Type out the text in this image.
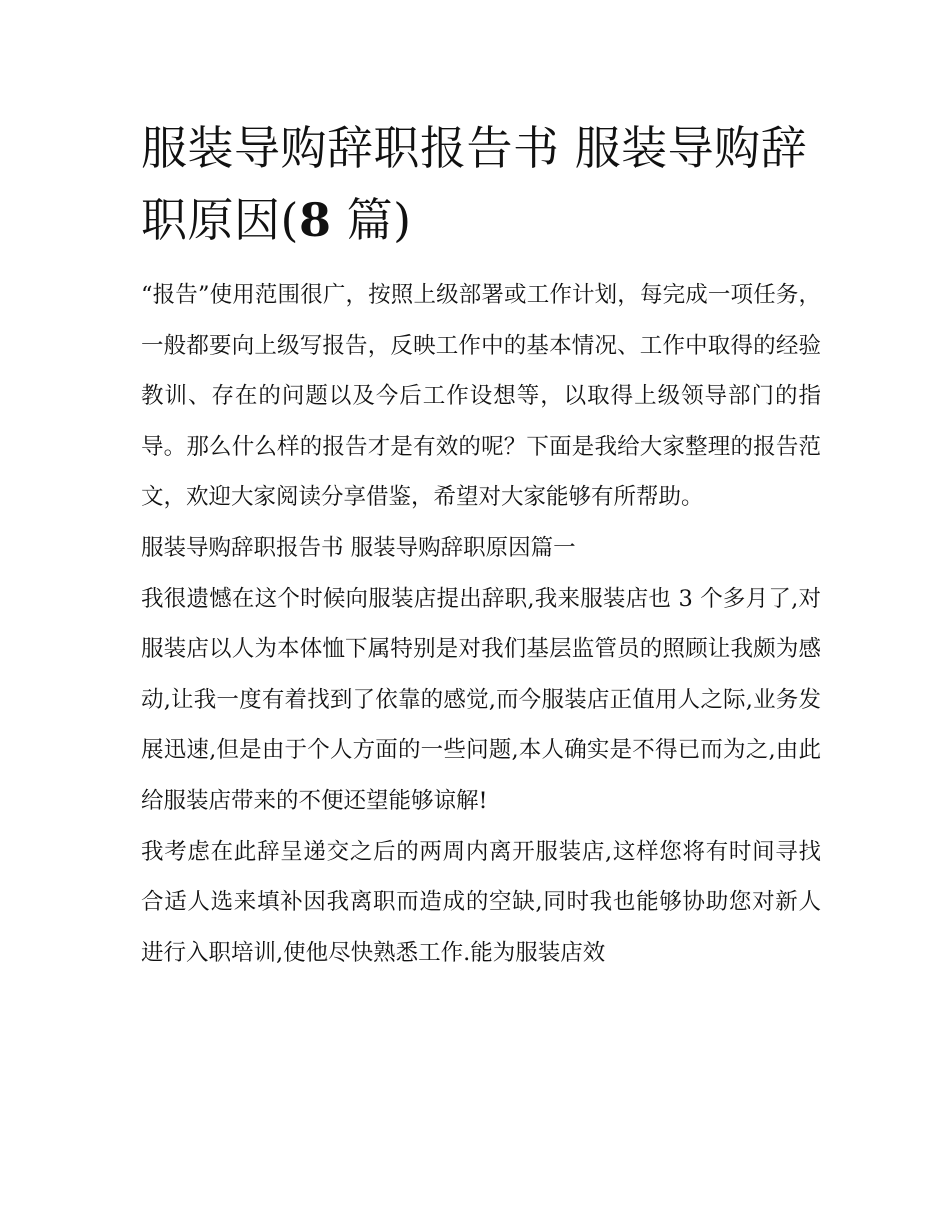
服装导购辞职报告书 服装导购辞职原因(8 篇)

“报告”使用范围很广，按照上级部署或工作计划，每完成一项任务，一般都要向上级写报告，反映工作中的基本情况、工作中取得的经验教训、存在的问题以及今后工作设想等，以取得上级领导部门的指导。那么什么样的报告才是有效的呢？下面是我给大家整理的报告范文，欢迎大家阅读分享借鉴，希望对大家能够有所帮助。

服装导购辞职报告书 服装导购辞职原因篇一

我很遗憾在这个时候向服装店提出辞职,我来服装店也 3 个多月了,对服装店以人为本体恤下属特别是对我们基层监管员的照顾让我颇为感动,让我一度有着找到了依靠的感觉,而今服装店正值用人之际,业务发展迅速,但是由于个人方面的一些问题,本人确实是不得已而为之,由此给服装店带来的不便还望能够谅解!

我考虑在此辞呈递交之后的两周内离开服装店,这样您将有时间寻找合适人选来填补因我离职而造成的空缺,同时我也能够协助您对新人进行入职培训,使他尽快熟悉工作.能为服装店效
